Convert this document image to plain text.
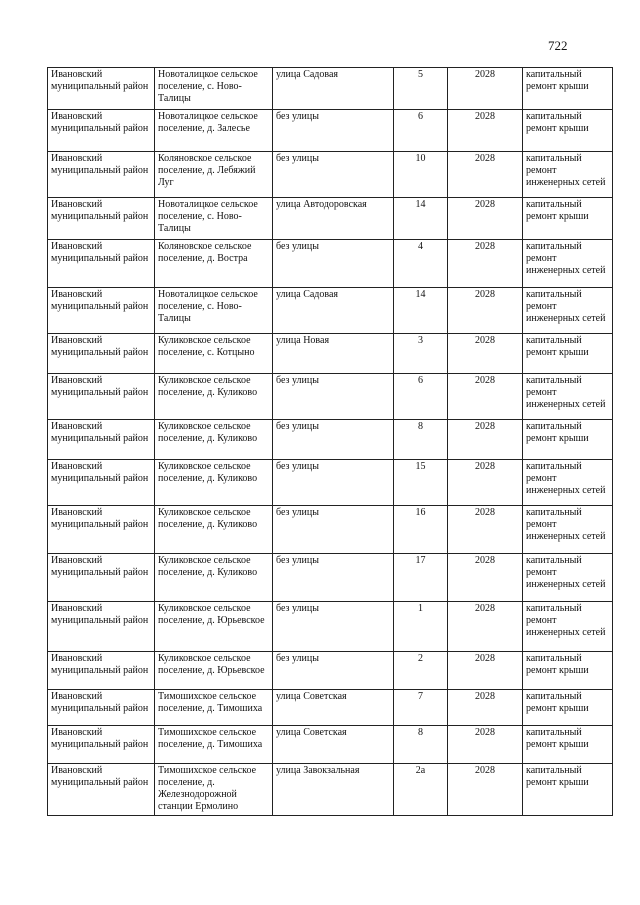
722
Ивановский муниципальный район	Новоталицкое сельское поселение, с. Ново-Талицы	улица Садовая	5	2028	капитальный ремонт крыши
Ивановский муниципальный район	Новоталицкое сельское поселение, д. Залесье	без улицы	6	2028	капитальный ремонт крыши
Ивановский муниципальный район	Коляновское сельское поселение, д. Лебяжий Луг	без улицы	10	2028	капитальный ремонт инженерных сетей
Ивановский муниципальный район	Новоталицкое сельское поселение, с. Ново-Талицы	улица Автодоровская	14	2028	капитальный ремонт крыши
Ивановский муниципальный район	Коляновское сельское поселение, д. Востра	без улицы	4	2028	капитальный ремонт инженерных сетей
Ивановский муниципальный район	Новоталицкое сельское поселение, с. Ново-Талицы	улица Садовая	14	2028	капитальный ремонт инженерных сетей
Ивановский муниципальный район	Куликовское сельское поселение, с. Котцыно	улица Новая	3	2028	капитальный ремонт крыши
Ивановский муниципальный район	Куликовское сельское поселение, д. Куликово	без улицы	6	2028	капитальный ремонт инженерных сетей
Ивановский муниципальный район	Куликовское сельское поселение, д. Куликово	без улицы	8	2028	капитальный ремонт крыши
Ивановский муниципальный район	Куликовское сельское поселение, д. Куликово	без улицы	15	2028	капитальный ремонт инженерных сетей
Ивановский муниципальный район	Куликовское сельское поселение, д. Куликово	без улицы	16	2028	капитальный ремонт инженерных сетей
Ивановский муниципальный район	Куликовское сельское поселение, д. Куликово	без улицы	17	2028	капитальный ремонт инженерных сетей
Ивановский муниципальный район	Куликовское сельское поселение, д. Юрьевское	без улицы	1	2028	капитальный ремонт инженерных сетей
Ивановский муниципальный район	Куликовское сельское поселение, д. Юрьевское	без улицы	2	2028	капитальный ремонт крыши
Ивановский муниципальный район	Тимошихское сельское поселение, д. Тимошиха	улица Советская	7	2028	капитальный ремонт крыши
Ивановский муниципальный район	Тимошихское сельское поселение, д. Тимошиха	улица Советская	8	2028	капитальный ремонт крыши
Ивановский муниципальный район	Тимошихское сельское поселение, д. Железнодорожной станции Ермолино	улица Завокзальная	2а	2028	капитальный ремонт крыши
